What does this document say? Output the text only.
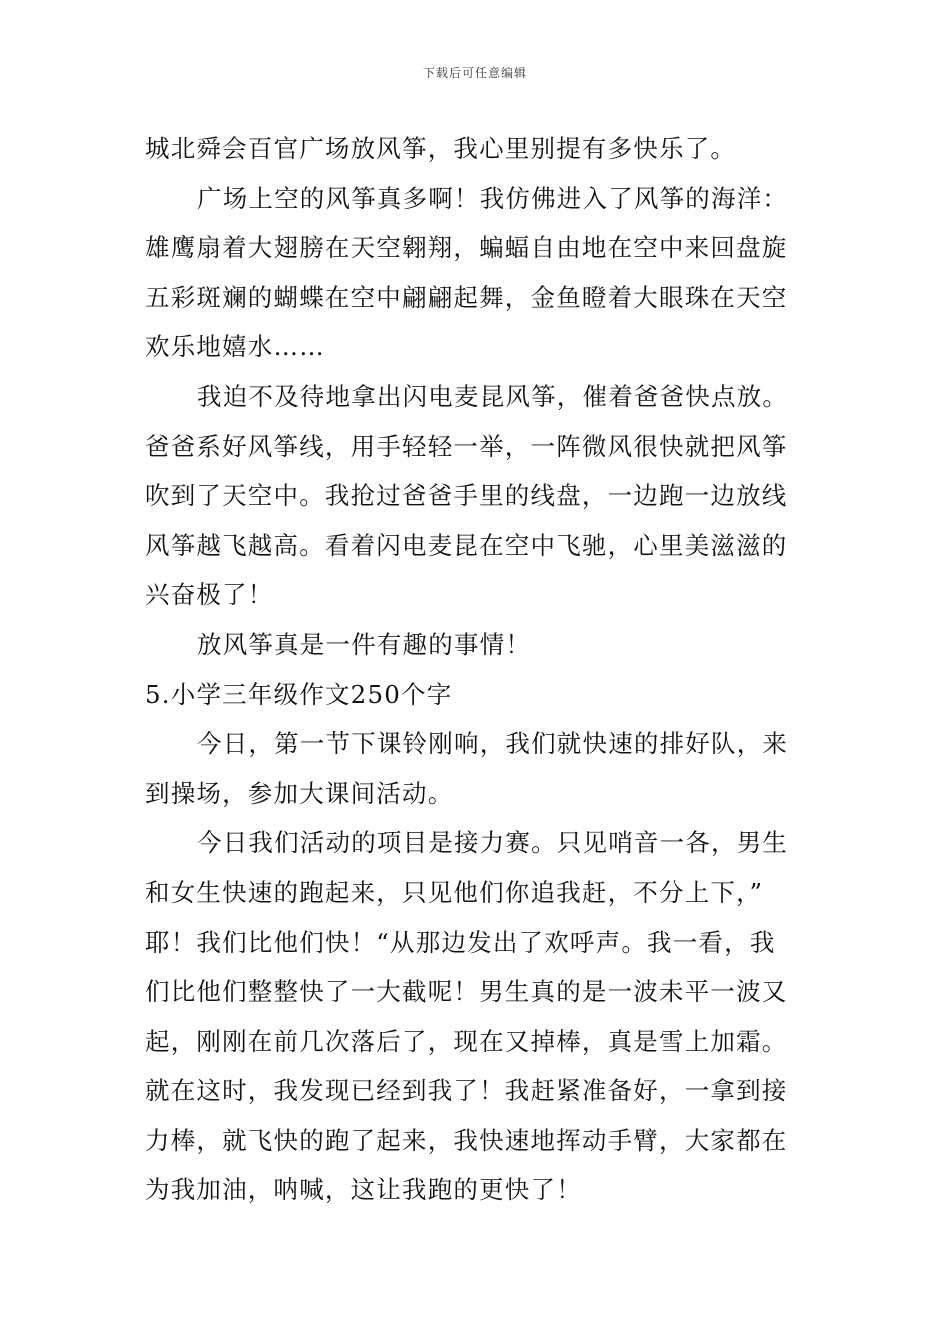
下载后可任意编辑
城北舜会百官广场放风筝，我心里别提有多快乐了。
广场上空的风筝真多啊！我仿佛进入了风筝的海洋：
雄鹰扇着大翅膀在天空翱翔，蝙蝠自由地在空中来回盘旋
五彩斑斓的蝴蝶在空中翩翩起舞，金鱼瞪着大眼珠在天空
欢乐地嬉水……
我迫不及待地拿出闪电麦昆风筝，催着爸爸快点放。
爸爸系好风筝线，用手轻轻一举，一阵微风很快就把风筝
吹到了天空中。我抢过爸爸手里的线盘，一边跑一边放线
风筝越飞越高。看着闪电麦昆在空中飞驰，心里美滋滋的
兴奋极了！
放风筝真是一件有趣的事情！
5.小学三年级作文250个字
今日，第一节下课铃刚响，我们就快速的排好队，来
到操场，参加大课间活动。
今日我们活动的项目是接力赛。只见哨音一各，男生
和女生快速的跑起来，只见他们你追我赶，不分上下，”
耶！我们比他们快！“从那边发出了欢呼声。我一看，我
们比他们整整快了一大截呢！男生真的是一波未平一波又
起，刚刚在前几次落后了，现在又掉棒，真是雪上加霜。
就在这时，我发现已经到我了！我赶紧准备好，一拿到接
力棒，就飞快的跑了起来，我快速地挥动手臂，大家都在
为我加油，呐喊，这让我跑的更快了！
